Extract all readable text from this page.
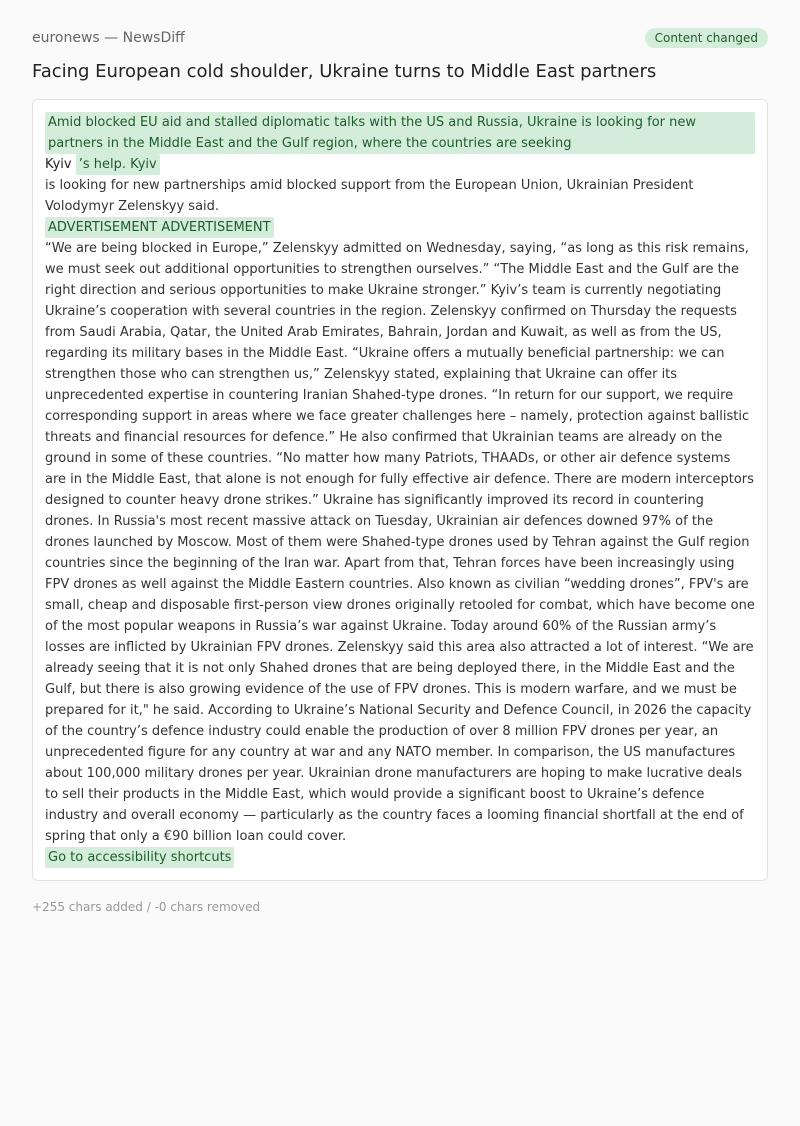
euronews — NewsDiff	Content changed
Facing European cold shoulder, Ukraine turns to Middle East partners
Amid blocked EU aid and stalled diplomatic talks with the US and Russia, Ukraine is looking for new partners in the Middle East and the Gulf region, where the countries are seeking
Kyiv ’s help. Kyiv
is looking for new partnerships amid blocked support from the European Union, Ukrainian President Volodymyr Zelenskyy said.
ADVERTISEMENT ADVERTISEMENT
“We are being blocked in Europe,” Zelenskyy admitted on Wednesday, saying, “as long as this risk remains, we must seek out additional opportunities to strengthen ourselves.” “The Middle East and the Gulf are the right direction and serious opportunities to make Ukraine stronger.” Kyiv’s team is currently negotiating Ukraine’s cooperation with several countries in the region. Zelenskyy confirmed on Thursday the requests from Saudi Arabia, Qatar, the United Arab Emirates, Bahrain, Jordan and Kuwait, as well as from the US, regarding its military bases in the Middle East. “Ukraine offers a mutually beneficial partnership: we can strengthen those who can strengthen us,” Zelenskyy stated, explaining that Ukraine can offer its unprecedented expertise in countering Iranian Shahed-type drones. “In return for our support, we require corresponding support in areas where we face greater challenges here – namely, protection against ballistic threats and financial resources for defence.” He also confirmed that Ukrainian teams are already on the ground in some of these countries. “No matter how many Patriots, THAADs, or other air defence systems are in the Middle East, that alone is not enough for fully effective air defence. There are modern interceptors designed to counter heavy drone strikes.” Ukraine has significantly improved its record in countering drones. In Russia's most recent massive attack on Tuesday, Ukrainian air defences downed 97% of the drones launched by Moscow. Most of them were Shahed-type drones used by Tehran against the Gulf region countries since the beginning of the Iran war. Apart from that, Tehran forces have been increasingly using FPV drones as well against the Middle Eastern countries. Also known as civilian “wedding drones”, FPV's are small, cheap and disposable first-person view drones originally retooled for combat, which have become one of the most popular weapons in Russia’s war against Ukraine. Today around 60% of the Russian army’s losses are inflicted by Ukrainian FPV drones. Zelenskyy said this area also attracted a lot of interest. “We are already seeing that it is not only Shahed drones that are being deployed there, in the Middle East and the Gulf, but there is also growing evidence of the use of FPV drones. This is modern warfare, and we must be prepared for it," he said. According to Ukraine’s National Security and Defence Council, in 2026 the capacity of the country’s defence industry could enable the production of over 8 million FPV drones per year, an unprecedented figure for any country at war and any NATO member. In comparison, the US manufactures about 100,000 military drones per year. Ukrainian drone manufacturers are hoping to make lucrative deals to sell their products in the Middle East, which would provide a significant boost to Ukraine’s defence industry and overall economy — particularly as the country faces a looming financial shortfall at the end of spring that only a €90 billion loan could cover.
Go to accessibility shortcuts
+255 chars added / -0 chars removed
